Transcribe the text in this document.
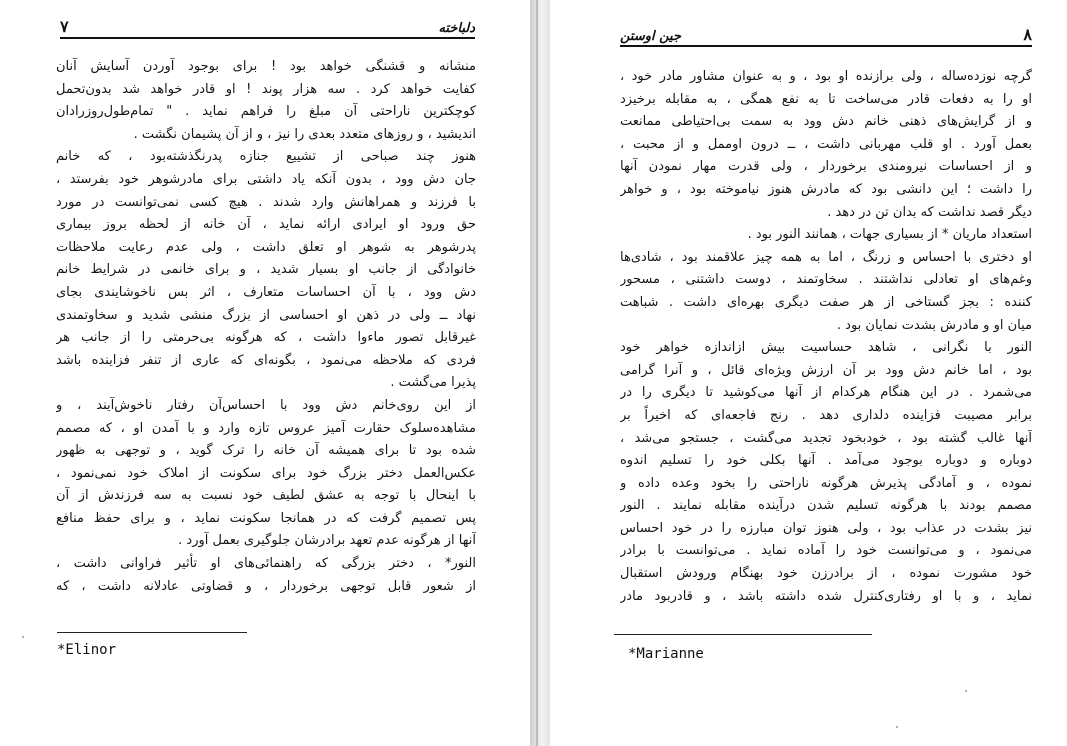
۷	دلباخته
منشانه و قشنگی خواهد بود ! برای بوجود آوردن آسایش آنان
کفایت خواهد کرد . سه هزار پوند ! او قادر خواهد شد بدون‌تحمل
کوچکترین ناراحتی آن مبلغ را فراهم نماید . " تمام‌طول‌روز‌را‌دان
اندیشید ، و روزهای متعدد بعدی را نیز ، و از آن پشیمان نگشت .
هنوز چند صباحی از تشییع جنازه پدرنگذشته‌بود ، که خانم
جان دش وود ، بدون آنکه یاد داشتی برای مادرشوهر خود بفرستد ،
با فرزند و همراهانش وارد شدند . هیچ کسی نمی‌توانست در مورد
حق ورود او ایرادی ارائه نماید ، آن خانه از لحظه بروز بیماری
پدرشوهر به شوهر او تعلق داشت ، ولی عدم رعایت ملاحظات
خانوادگی از جانب او بسیار شدید ، و برای خانمی در شرایط خانم
دش وود ، با آن احساسات متعارف ، اثر بس ناخوشایندی بجای
نهاد ــ ولی در ذهن او احساسی از بزرگ منشی شدید و سخاوتمندی
غیرقابل تصور ماءوا داشت ، که هرگونه بی‌حرمتی را از جانب هر
فردی که ملاحظه می‌نمود ، بگونه‌ای که عاری از تنفر فزاینده باشد
پذیرا می‌گشت .
از این روی‌خانم دش وود با احساس‌آن رفتار ناخوش‌آیند ، و
مشاهده‌سلوک حقارت آمیز عروس تازه وارد و با آمدن او ، که مصمم
شده بود تا برای همیشه آن خانه را ترک گوید ، و توجهی به ظهور
عکس‌العمل دختر بزرگ خود برای سکونت از املاک خود نمی‌نمود ،
با اینحال با توجه به عشق لطیف خود نسبت به سه فرزندش از آن
پس تصمیم گرفت که در همانجا سکونت نماید ، و برای حفظ منافع
آنها از هرگونه عدم تعهد برادرشان جلوگیری بعمل آورد .
النور* ، دختر بزرگی که راهنمائی‌های او تأثیر فراوانی داشت ،
از شعور قابل توجهی برخوردار ، و قضاوتی عادلانه داشت ، که
*Elinor
جین اوستن	۸
گرچه نوزده‌ساله ، ولی برازنده او بود ، و به عنوان مشاور مادر خود ،
او را به دفعات قادر می‌ساخت تا به نفع همگی ، به مقابله برخیزد
و از گرایش‌های ذهنی خانم دش وود به سمت بی‌احتیاطی ممانعت
بعمل آورد . او قلب مهربانی داشت ، ــ درون اوممل و از محبت ،
و از احساسات نیرومندی برخوردار ، ولی قدرت مهار نمودن آنها
را داشت ؛ این دانشی بود که مادرش هنوز نیاموخته بود ، و خواهر
دیگر قصد نداشت که بدان تن در دهد .
استعداد ماریان * از بسیاری جهات ، همانند النور بود .
او دختری با احساس و زرنگ ، اما به همه چیز علاقمند بود ، شادی‌ها
وغم‌های او تعادلی نداشتند . سخاوتمند ، دوست داشتنی ، مسحور
کننده : بجز گستاخی از هر صفت دیگری بهره‌ای داشت . شباهت
میان او و مادرش بشدت نمایان بود .
النور با نگرانی ، شاهد حساسیت بیش ازاندازه خواهر خود
بود ، اما خانم دش وود بر آن ارزش ویژه‌ای قائل ، و آنرا گرامی
می‌شمرد . در این هنگام هرکدام از آنها می‌کوشید تا دیگری را در
برابر مصیبت فزاینده دلداری دهد . رنج فاجعه‌ای که اخیراً بر
آنها غالب گشته بود ، خودبخود تجدید می‌گشت ، جستجو می‌شد ،
دوباره و دوباره بوجود می‌آمد . آنها بکلی خود را تسلیم اندوه
نموده ، و آمادگی پذیرش هرگونه ناراحتی را بخود وعده داده و
مصمم بودند با هرگونه تسلیم شدن درآینده مقابله نمایند . النور
نیز بشدت در عذاب بود ، ولی هنوز توان مبارزه را در خود احساس
می‌نمود ، و می‌توانست خود را آماده نماید . می‌توانست با برادر
خود مشورت نموده ، از برادرزن خود بهنگام ورودش استقبال
نماید ، و با او رفتاری‌کنترل شده داشته باشد ، و قادربود مادر
*Marianne
